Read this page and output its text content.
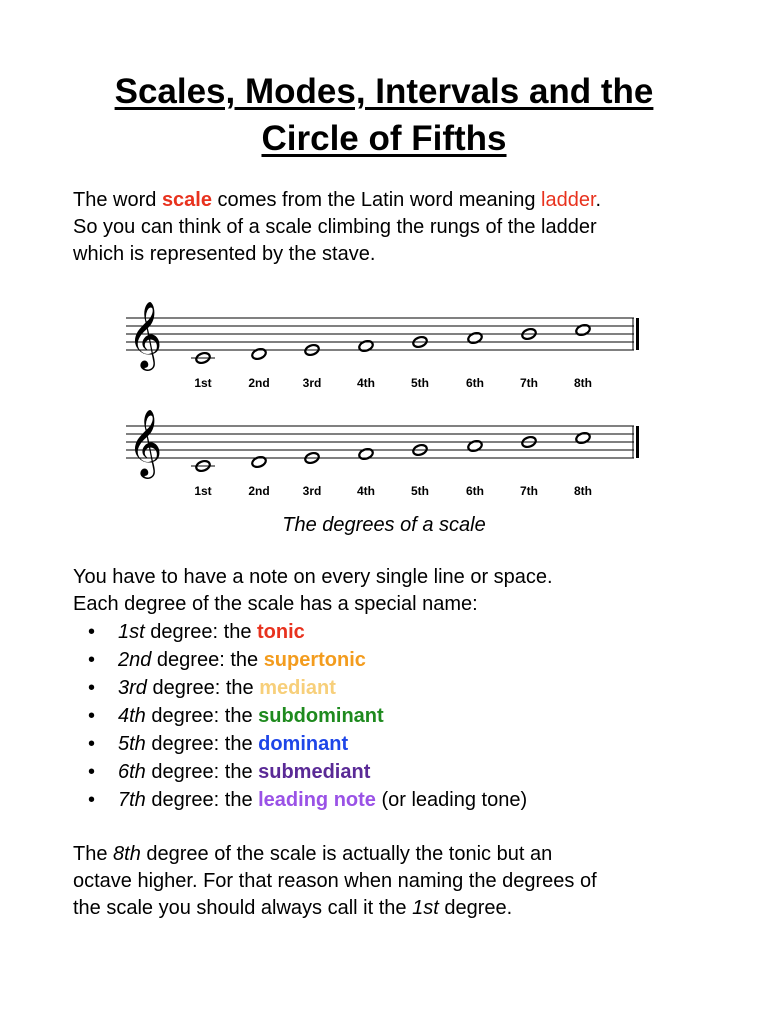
Scales, Modes, Intervals and the
Circle of Fifths

The word scale comes from the Latin word meaning ladder.
So you can think of a scale climbing the rungs of the ladder
which is represented by the stave.

𝄞
1st	2nd	3rd	4th	5th	6th	7th	8th
𝄞
1st	2nd	3rd	4th	5th	6th	7th	8th

The degrees of a scale

You have to have a note on every single line or space.
Each degree of the scale has a special name:

• 1st degree: the tonic
• 2nd degree: the supertonic
• 3rd degree: the mediant
• 4th degree: the subdominant
• 5th degree: the dominant
• 6th degree: the submediant
• 7th degree: the leading note (or leading tone)

The 8th degree of the scale is actually the tonic but an
octave higher. For that reason when naming the degrees of
the scale you should always call it the 1st degree.
